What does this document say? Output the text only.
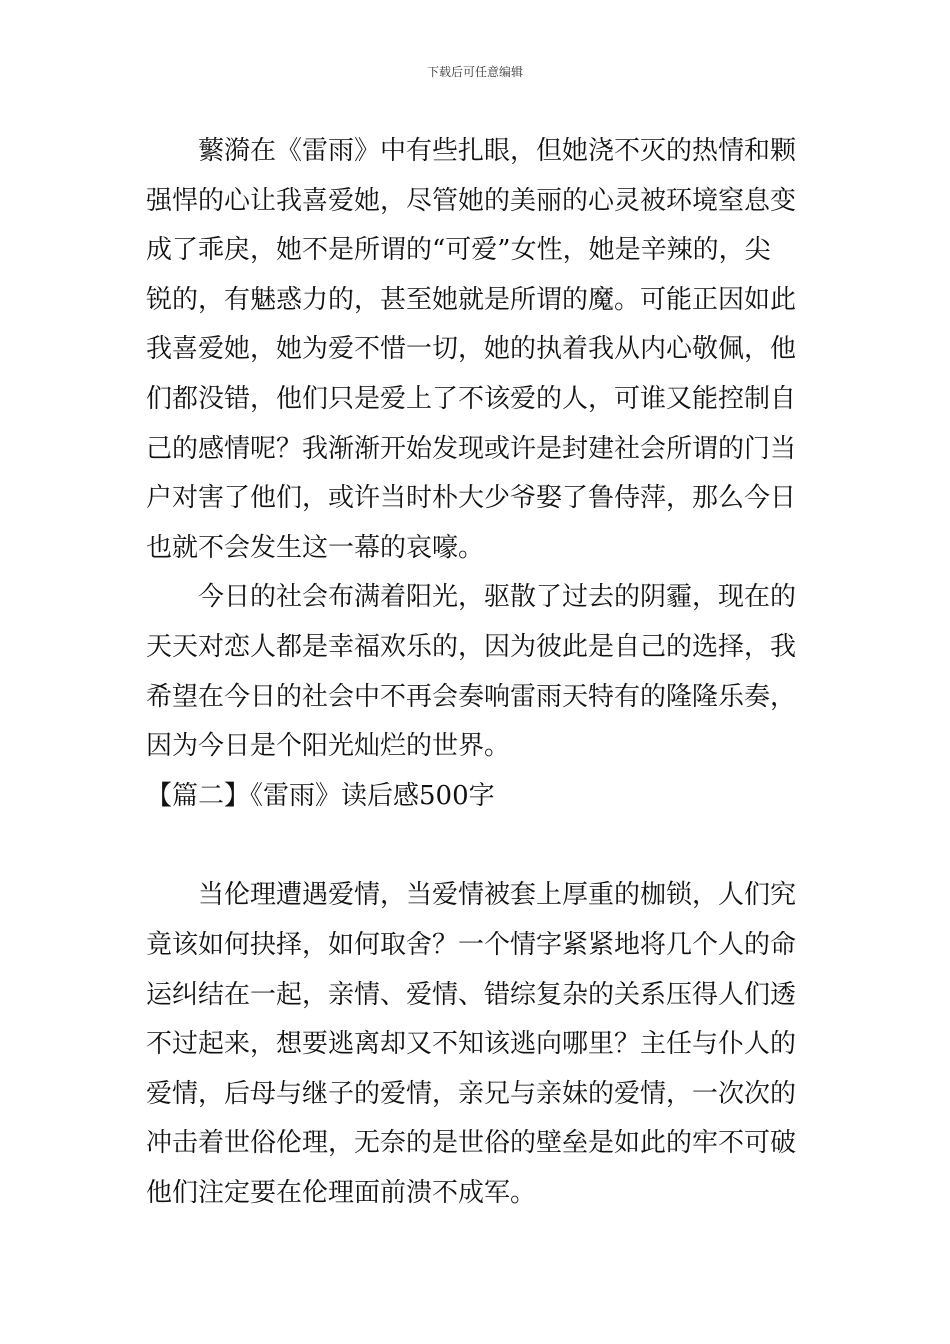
下载后可任意编辑
蘩漪在《雷雨》中有些扎眼，但她浇不灭的热情和颗
强悍的心让我喜爱她，尽管她的美丽的心灵被环境窒息变
成了乖戾，她不是所谓的“可爱”女性，她是辛辣的，尖
锐的，有魅惑力的，甚至她就是所谓的魔。可能正因如此
我喜爱她，她为爱不惜一切，她的执着我从内心敬佩，他
们都没错，他们只是爱上了不该爱的人，可谁又能控制自
己的感情呢？我渐渐开始发现或许是封建社会所谓的门当
户对害了他们，或许当时朴大少爷娶了鲁侍萍，那么今日
也就不会发生这一幕的哀嚎。
今日的社会布满着阳光，驱散了过去的阴霾，现在的
天天对恋人都是幸福欢乐的，因为彼此是自己的选择，我
希望在今日的社会中不再会奏响雷雨天特有的隆隆乐奏，
因为今日是个阳光灿烂的世界。
【篇二】《雷雨》读后感500字
当伦理遭遇爱情，当爱情被套上厚重的枷锁，人们究
竟该如何抉择，如何取舍？一个情字紧紧地将几个人的命
运纠结在一起，亲情、爱情、错综复杂的关系压得人们透
不过起来，想要逃离却又不知该逃向哪里？主任与仆人的
爱情，后母与继子的爱情，亲兄与亲妹的爱情，一次次的
冲击着世俗伦理，无奈的是世俗的壁垒是如此的牢不可破
他们注定要在伦理面前溃不成军。
